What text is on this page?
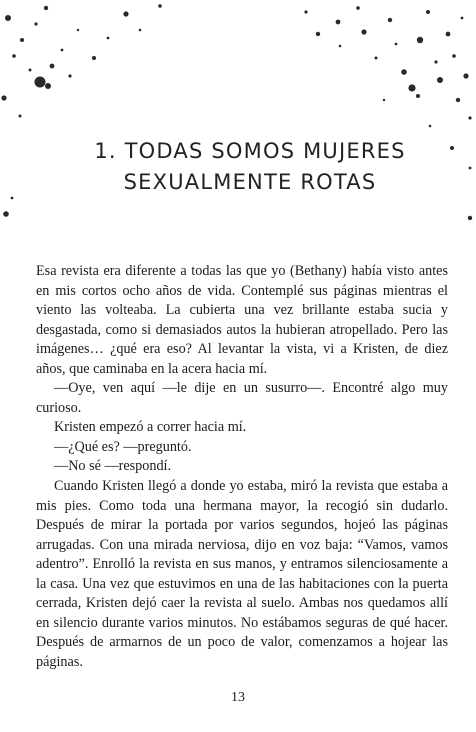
1. TODAS SOMOS MUJERES
SEXUALMENTE ROTAS

Esa revista era diferente a todas las que yo (Bethany) había visto antes en mis cortos ocho años de vida. Contemplé sus páginas mientras el viento las volteaba. La cubierta una vez brillante estaba sucia y desgastada, como si demasiados autos la hubieran atropellado. Pero las imágenes… ¿qué era eso? Al levantar la vista, vi a Kristen, de diez años, que caminaba en la acera hacia mí.

—Oye, ven aquí —le dije en un susurro—. Encontré algo muy curioso.

Kristen empezó a correr hacia mí.

—¿Qué es? —preguntó.

—No sé —respondí.

Cuando Kristen llegó a donde yo estaba, miró la revista que estaba a mis pies. Como toda una hermana mayor, la recogió sin dudarlo. Después de mirar la portada por varios segundos, hojeó las páginas arrugadas. Con una mirada nerviosa, dijo en voz baja: “Vamos, vamos adentro”. Enrolló la revista en sus manos, y entramos silenciosamente a la casa. Una vez que estuvimos en una de las habitaciones con la puerta cerrada, Kristen dejó caer la revista al suelo. Ambas nos quedamos allí en silencio durante varios minutos. No estábamos seguras de qué hacer. Después de armarnos de un poco de valor, comenzamos a hojear las páginas.

13
